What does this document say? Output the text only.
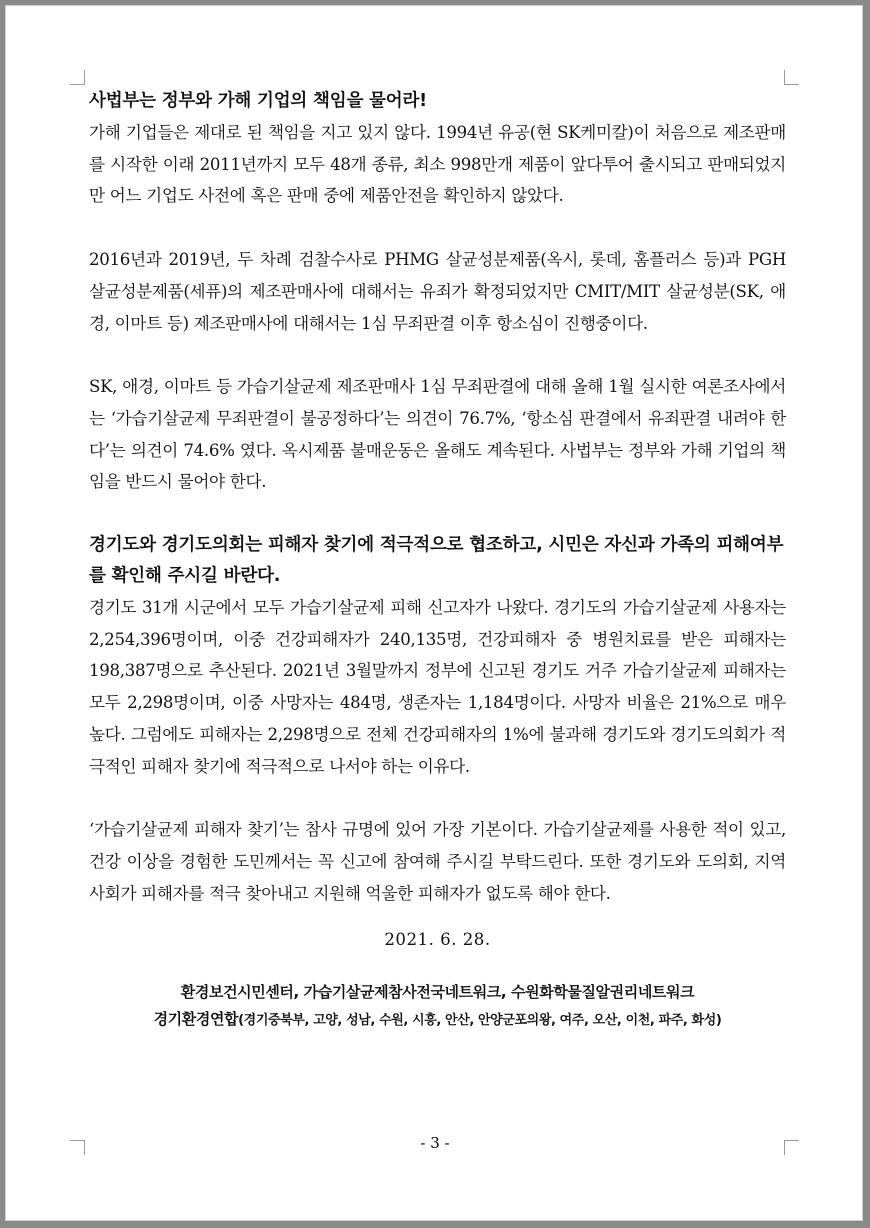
사법부는 정부와 가해 기업의 책임을 물어라!

가해 기업들은 제대로 된 책임을 지고 있지 않다. 1994년 유공(현 SK케미칼)이 처음으로 제조판매를 시작한 이래 2011년까지 모두 48개 종류, 최소 998만개 제품이 앞다투어 출시되고 판매되었지만 어느 기업도 사전에 혹은 판매 중에 제품안전을 확인하지 않았다.

2016년과 2019년, 두 차례 검찰수사로 PHMG 살균성분제품(옥시, 롯데, 홈플러스 등)과 PGH 살균성분제품(세퓨)의 제조판매사에 대해서는 유죄가 확정되었지만 CMIT/MIT 살균성분(SK, 애경, 이마트 등) 제조판매사에 대해서는 1심 무죄판결 이후 항소심이 진행중이다.

SK, 애경, 이마트 등 가습기살균제 제조판매사 1심 무죄판결에 대해 올해 1월 실시한 여론조사에서는 ‘가습기살균제 무죄판결이 불공정하다’는 의견이 76.7%, ‘항소심 판결에서 유죄판결 내려야 한다’는 의견이 74.6% 였다. 옥시제품 불매운동은 올해도 계속된다. 사법부는 정부와 가해 기업의 책임을 반드시 물어야 한다.

경기도와 경기도의회는 피해자 찾기에 적극적으로 협조하고, 시민은 자신과 가족의 피해여부를 확인해 주시길 바란다.

경기도 31개 시군에서 모두 가습기살균제 피해 신고자가 나왔다. 경기도의 가습기살균제 사용자는 2,254,396명이며, 이중 건강피해자가 240,135명, 건강피해자 중 병원치료를 받은 피해자는 198,387명으로 추산된다. 2021년 3월말까지 정부에 신고된 경기도 거주 가습기살균제 피해자는 모두 2,298명이며, 이중 사망자는 484명, 생존자는 1,184명이다. 사망자 비율은 21%으로 매우 높다. 그럼에도 피해자는 2,298명으로 전체 건강피해자의 1%에 불과해 경기도와 경기도의회가 적극적인 피해자 찾기에 적극적으로 나서야 하는 이유다.

‘가습기살균제 피해자 찾기’는 참사 규명에 있어 가장 기본이다. 가습기살균제를 사용한 적이 있고, 건강 이상을 경험한 도민께서는 꼭 신고에 참여해 주시길 부탁드린다. 또한 경기도와 도의회, 지역사회가 피해자를 적극 찾아내고 지원해 억울한 피해자가 없도록 해야 한다.

2021. 6. 28.
환경보건시민센터, 가습기살균제참사전국네트워크, 수원화학물질알권리네트워크
경기환경연합(경기중북부, 고양, 성남, 수원, 시흥, 안산, 안양군포의왕, 여주, 오산, 이천, 파주, 화성)
- 3 -
